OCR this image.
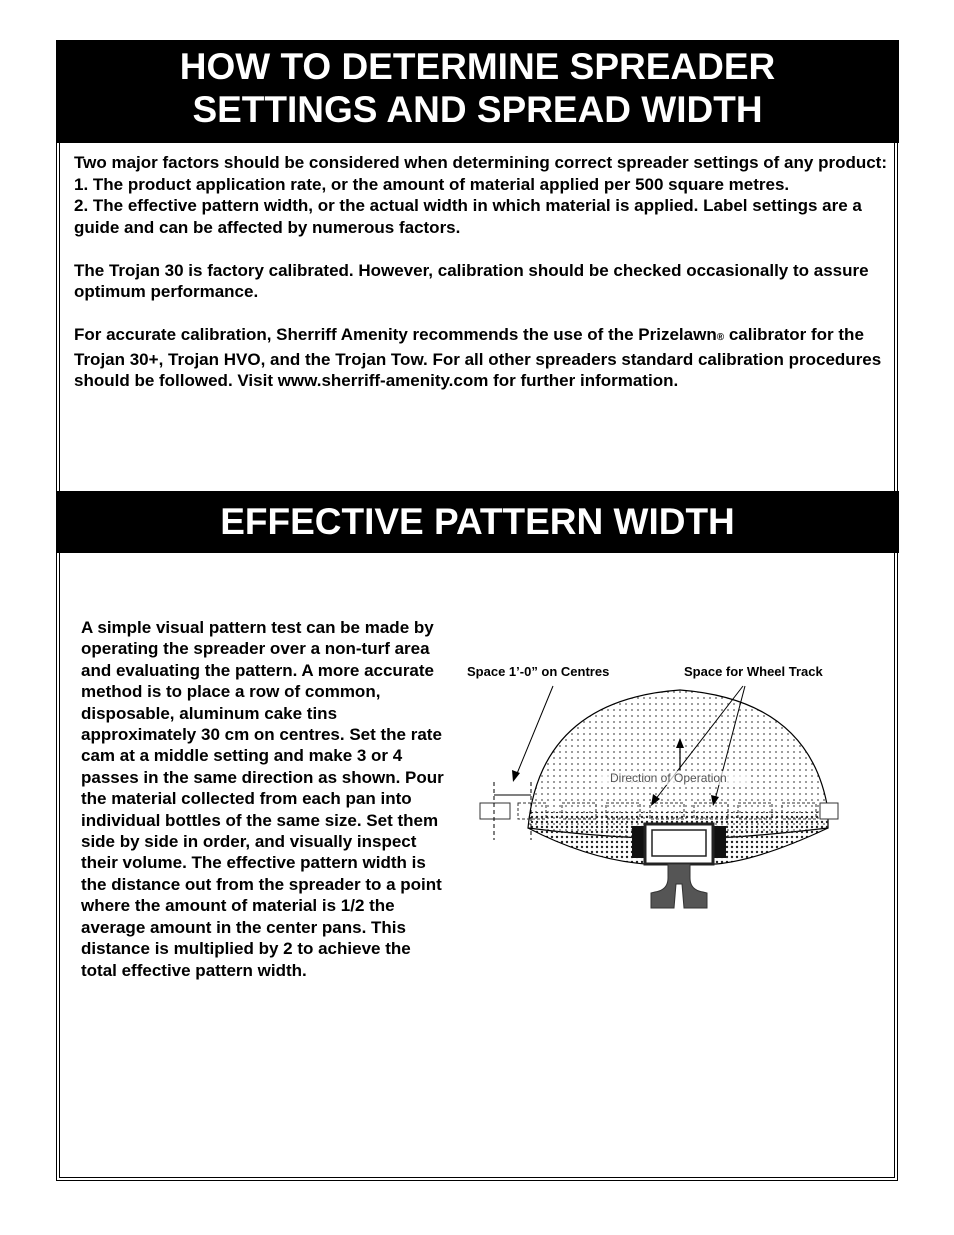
HOW TO DETERMINE SPREADER
SETTINGS AND SPREAD WIDTH

Two major factors should be considered when determining correct spreader settings of any product:
1. The product application rate, or the amount of material applied per 500 square metres.
2. The effective pattern width, or the actual width in which material is applied. Label settings are a guide and can be affected by numerous factors.

The Trojan 30 is factory calibrated. However, calibration should be checked occasionally to assure optimum performance.

For accurate calibration, Sherriff Amenity recommends the use of the Prizelawn® calibrator for the Trojan 30+, Trojan HVO, and the Trojan Tow. For all other spreaders standard calibration procedures should be followed. Visit www.sherriff-amenity.com for further information.

EFFECTIVE PATTERN WIDTH
A simple visual pattern test can be made by operating the spreader over a non-turf area and evaluating the pattern. A more accurate method is to place a row of common, disposable, aluminum cake tins approximately 30 cm on centres. Set the rate cam at a middle setting and make 3 or 4 passes in the same direction as shown. Pour the material collected from each pan into individual bottles of the same size. Set them side by side in order, and visually inspect their volume. The effective pattern width is the distance out from the spreader to a point where the amount of material is 1/2 the average amount in the center pans. This distance is multiplied by 2 to achieve the total effective pattern width.
Space 1’-0” on Centres	Space for Wheel Track
Direction of Operation
